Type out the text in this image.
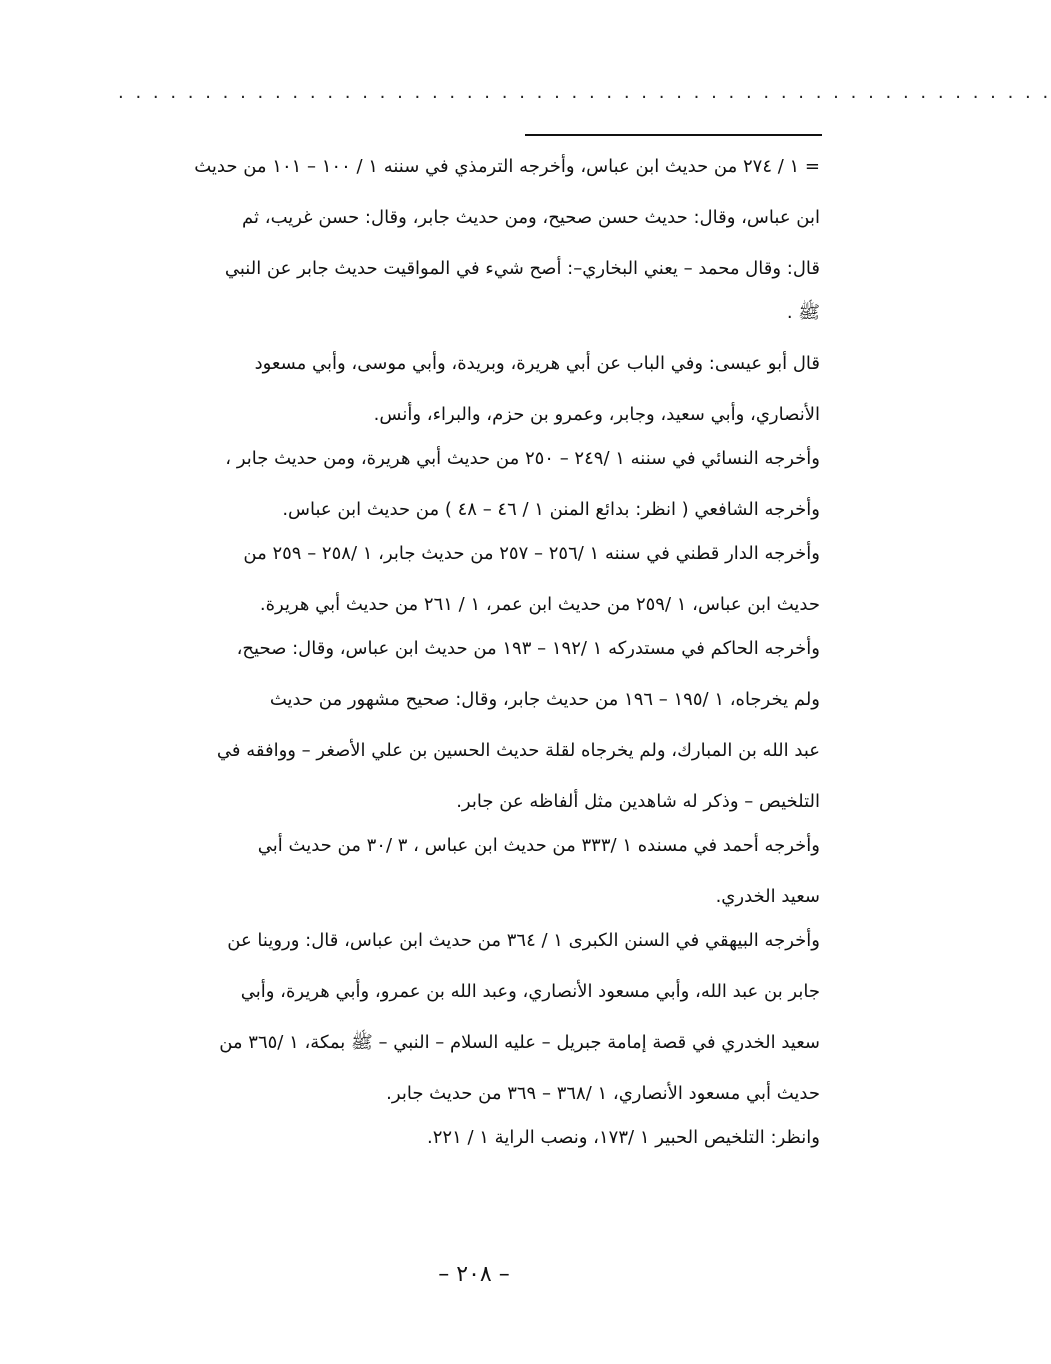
. . . . . . . . . . . . . . . . . . . . . . . . . . . . . . . . . . . . . . . . . . . . . . . . . . . . . .
= ١ / ٢٧٤ من حديث ابن عباس، وأخرجه الترمذي في سننه ١ / ١٠٠ – ١٠١ من حديث
ابن عباس، وقال: حديث حسن صحيح، ومن حديث جابر، وقال: حسن غريب، ثم
قال: وقال محمد – يعني البخاري–: أصح شيء في المواقيت حديث جابر عن النبي
ﷺ .
قال أبو عيسى: وفي الباب عن أبي هريرة، وبريدة، وأبي موسى، وأبي مسعود
الأنصاري، وأبي سعيد، وجابر، وعمرو بن حزم، والبراء، وأنس.
وأخرجه النسائي في سننه ١ /٢٤٩ – ٢٥٠ من حديث أبي هريرة، ومن حديث جابر ،
وأخرجه الشافعي ( انظر: بدائع المنن ١ / ٤٦ – ٤٨ ) من حديث ابن عباس.
وأخرجه الدار قطني في سننه ١ /٢٥٦ – ٢٥٧ من حديث جابر، ١ /٢٥٨ – ٢٥٩ من
حديث ابن عباس، ١ /٢٥٩ من حديث ابن عمر، ١ / ٢٦١ من حديث أبي هريرة.
وأخرجه الحاكم في مستدركه ١ /١٩٢ – ١٩٣ من حديث ابن عباس، وقال: صحيح،
ولم يخرجاه، ١ /١٩٥ – ١٩٦ من حديث جابر، وقال: صحيح مشهور من حديث
عبد الله بن المبارك، ولم يخرجاه لقلة حديث الحسين بن علي الأصغر – ووافقه في
التلخيص – وذكر له شاهدين مثل ألفاظه عن جابر.
وأخرجه أحمد في مسنده ١ /٣٣٣ من حديث ابن عباس ، ٣ /٣٠ من حديث أبي
سعيد الخدري.
وأخرجه البيهقي في السنن الكبرى ١ / ٣٦٤ من حديث ابن عباس، قال: وروينا عن
جابر بن عبد الله، وأبي مسعود الأنصاري، وعبد الله بن عمرو، وأبي هريرة، وأبي
سعيد الخدري في قصة إمامة جبريل – عليه السلام – النبي – ﷺ بمكة، ١ /٣٦٥ من
حديث أبي مسعود الأنصاري، ١ /٣٦٨ – ٣٦٩ من حديث جابر.
وانظر: التلخيص الحبير ١ /١٧٣، ونصب الراية ١ / ٢٢١.
– ٢٠٨ –
